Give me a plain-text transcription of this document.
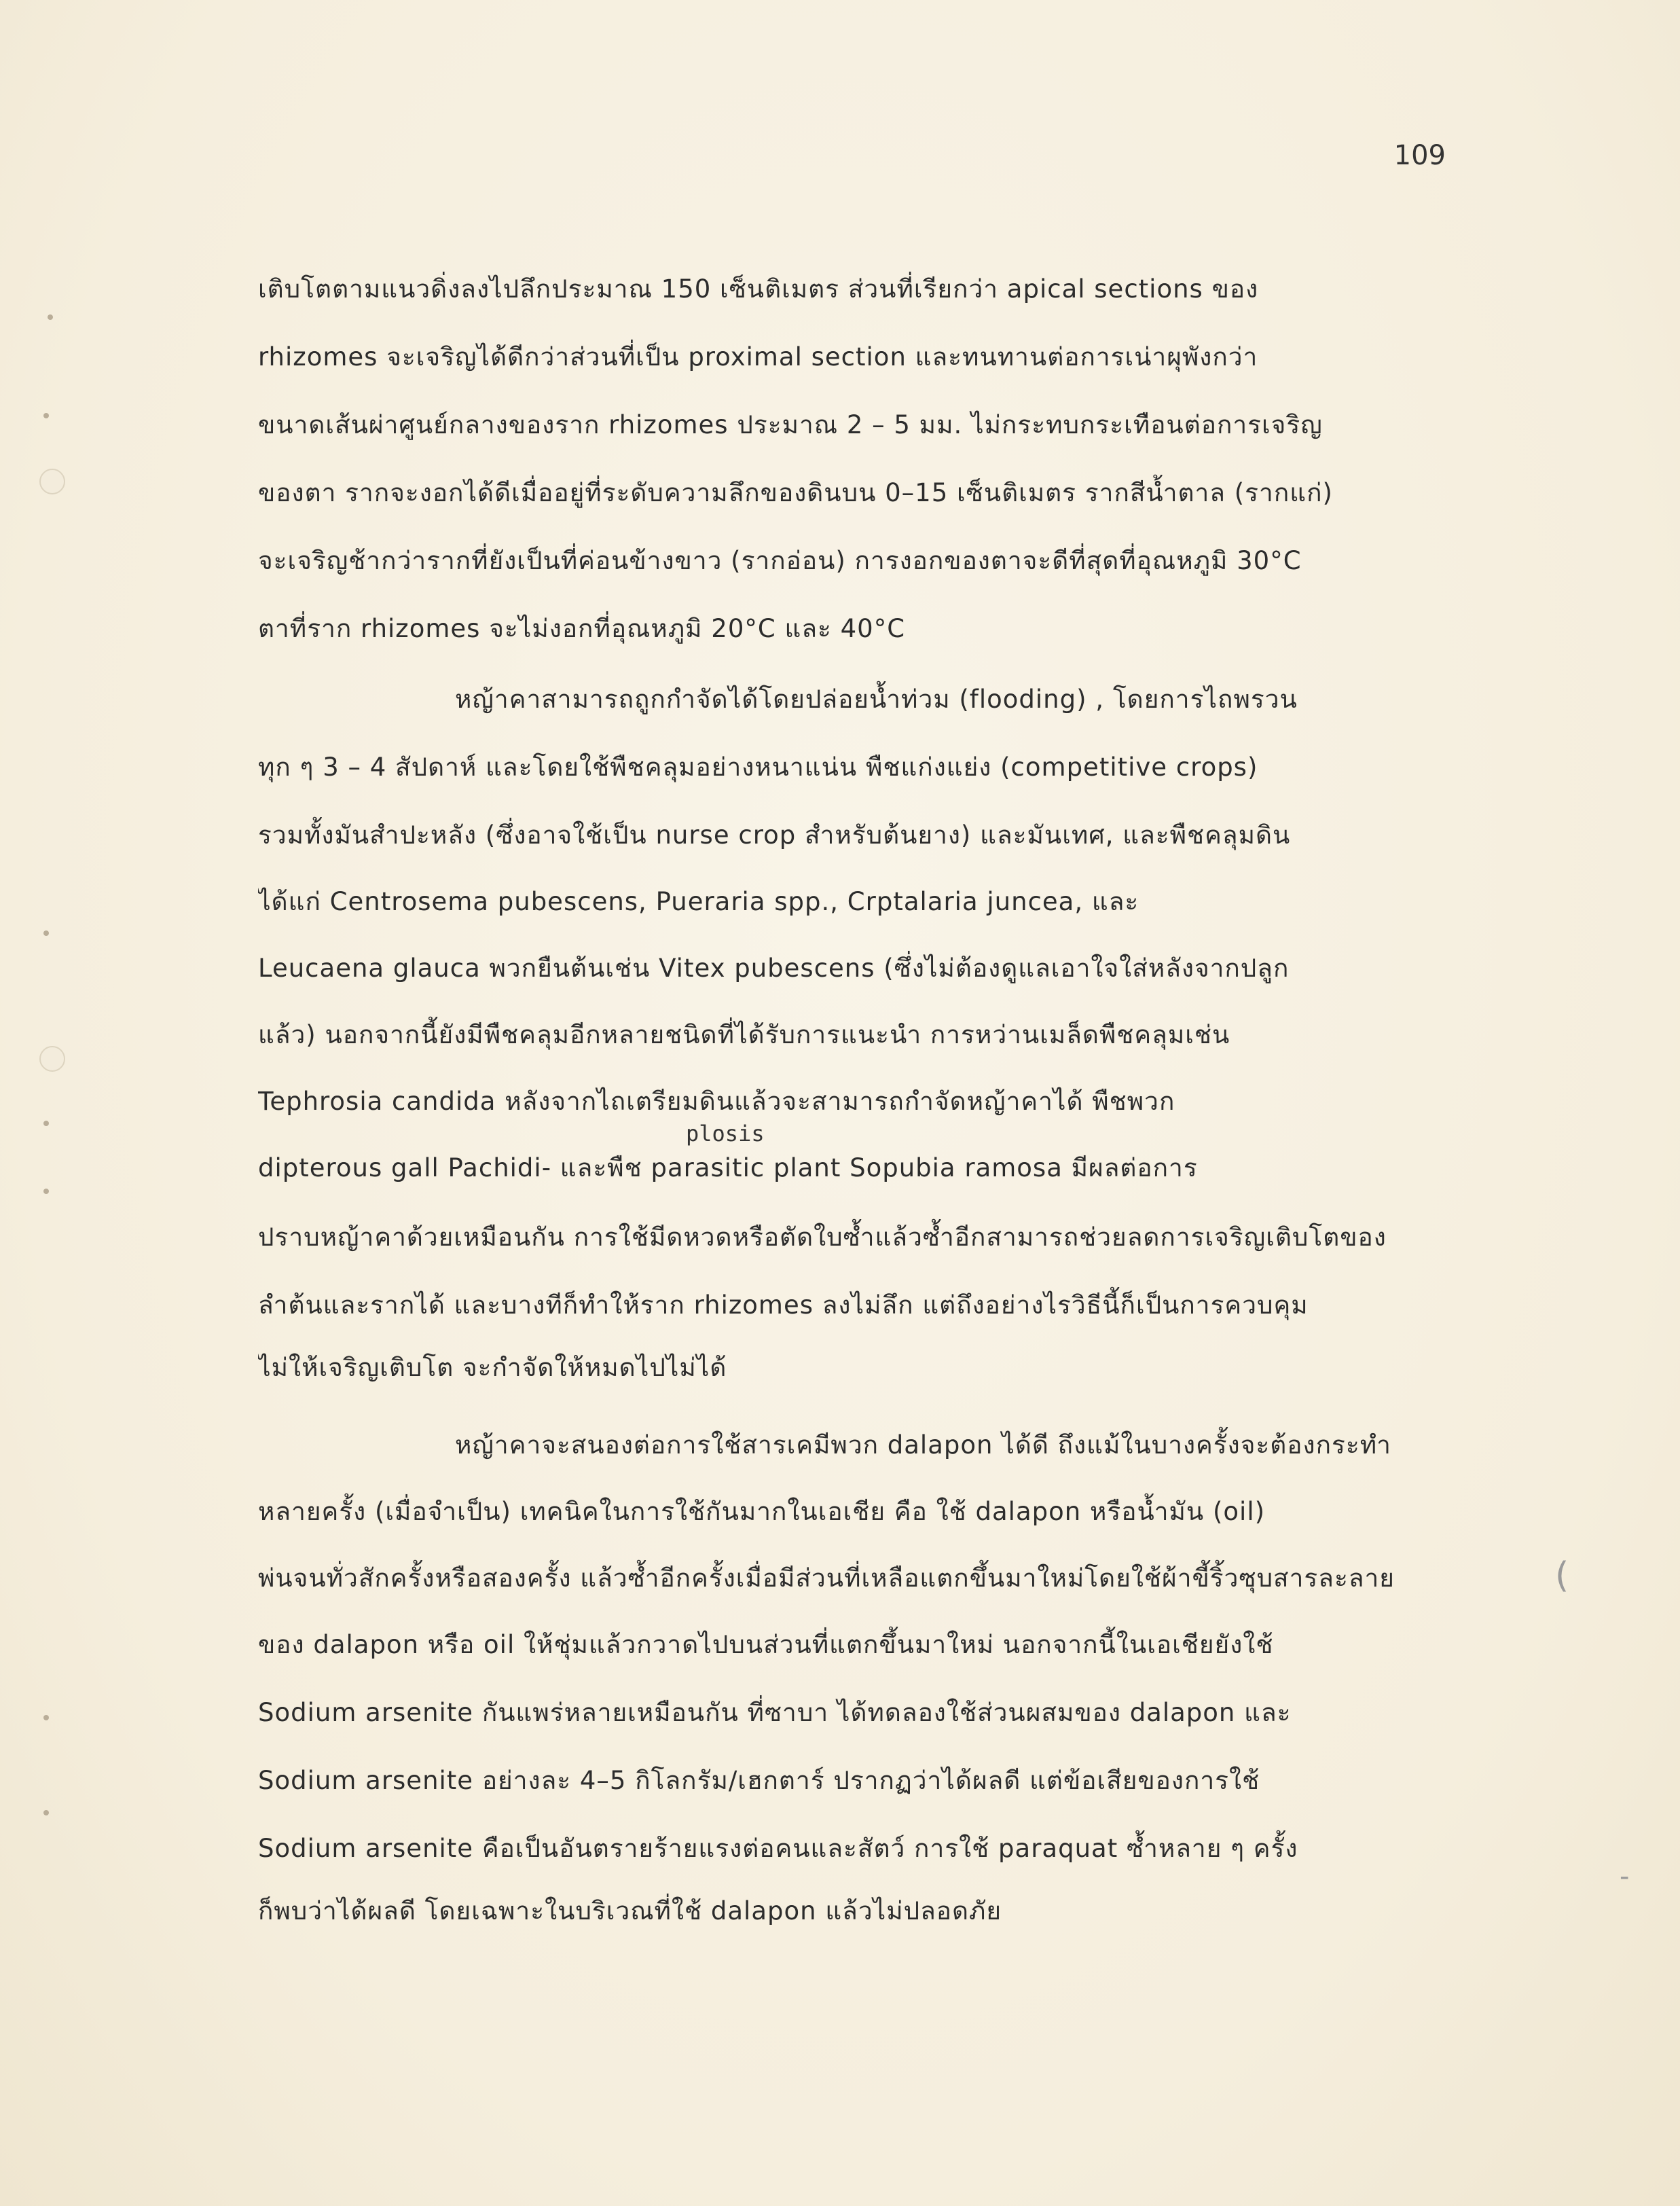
109
เติบโตตามแนวดิ่งลงไปลึกประมาณ 150 เซ็นติเมตร ส่วนที่เรียกว่า apical sections ของ
rhizomes จะเจริญได้ดีกว่าส่วนที่เป็น proximal section และทนทานต่อการเน่าผุพังกว่า
ขนาดเส้นผ่าศูนย์กลางของราก rhizomes ประมาณ 2 – 5 มม. ไม่กระทบกระเทือนต่อการเจริญ
ของตา รากจะงอกได้ดีเมื่ออยู่ที่ระดับความลึกของดินบน 0–15 เซ็นติเมตร รากสีน้ำตาล (รากแก่)
จะเจริญช้ากว่ารากที่ยังเป็นที่ค่อนข้างขาว (รากอ่อน) การงอกของตาจะดีที่สุดที่อุณหภูมิ 30°C
ตาที่ราก rhizomes จะไม่งอกที่อุณหภูมิ 20°C และ 40°C
หญ้าคาสามารถถูกกำจัดได้โดยปล่อยน้ำท่วม (flooding) , โดยการไถพรวน
ทุก ๆ 3 – 4 สัปดาห์ และโดยใช้พืชคลุมอย่างหนาแน่น พืชแก่งแย่ง (competitive crops)
รวมทั้งมันสำปะหลัง (ซึ่งอาจใช้เป็น nurse crop สำหรับต้นยาง) และมันเทศ, และพืชคลุมดิน
ได้แก่ Centrosema pubescens, Pueraria spp., Crptalaria juncea, และ
Leucaena glauca พวกยืนต้นเช่น Vitex pubescens (ซึ่งไม่ต้องดูแลเอาใจใส่หลังจากปลูก
แล้ว) นอกจากนี้ยังมีพืชคลุมอีกหลายชนิดที่ได้รับการแนะนำ การหว่านเมล็ดพืชคลุมเช่น
Tephrosia candida หลังจากไถเตรียมดินแล้วจะสามารถกำจัดหญ้าคาได้ พืชพวก
plosis
dipterous gall Pachidi- และพืช parasitic plant Sopubia ramosa มีผลต่อการ
ปราบหญ้าคาด้วยเหมือนกัน การใช้มีดหวดหรือตัดใบซ้ำแล้วซ้ำอีกสามารถช่วยลดการเจริญเติบโตของ
ลำต้นและรากได้ และบางทีก็ทำให้ราก rhizomes ลงไม่ลึก แต่ถึงอย่างไรวิธีนี้ก็เป็นการควบคุม
ไม่ให้เจริญเติบโต จะกำจัดให้หมดไปไม่ได้
หญ้าคาจะสนองต่อการใช้สารเคมีพวก dalapon ได้ดี ถึงแม้ในบางครั้งจะต้องกระทำ
หลายครั้ง (เมื่อจำเป็น) เทคนิคในการใช้กันมากในเอเชีย คือ ใช้ dalapon หรือน้ำมัน (oil)
พ่นจนทั่วสักครั้งหรือสองครั้ง แล้วซ้ำอีกครั้งเมื่อมีส่วนที่เหลือแตกขึ้นมาใหม่โดยใช้ผ้าขี้ริ้วซุบสารละลาย
ของ dalapon หรือ oil ให้ชุ่มแล้วกวาดไปบนส่วนที่แตกขึ้นมาใหม่ นอกจากนี้ในเอเชียยังใช้
Sodium arsenite กันแพร่หลายเหมือนกัน ที่ซาบา ได้ทดลองใช้ส่วนผสมของ dalapon และ
Sodium arsenite อย่างละ 4–5 กิโลกรัม/เฮกตาร์ ปรากฏว่าได้ผลดี แต่ข้อเสียของการใช้
Sodium arsenite คือเป็นอันตรายร้ายแรงต่อคนและสัตว์ การใช้ paraquat ซ้ำหลาย ๆ ครั้ง
ก็พบว่าได้ผลดี โดยเฉพาะในบริเวณที่ใช้ dalapon แล้วไม่ปลอดภัย
(
-
